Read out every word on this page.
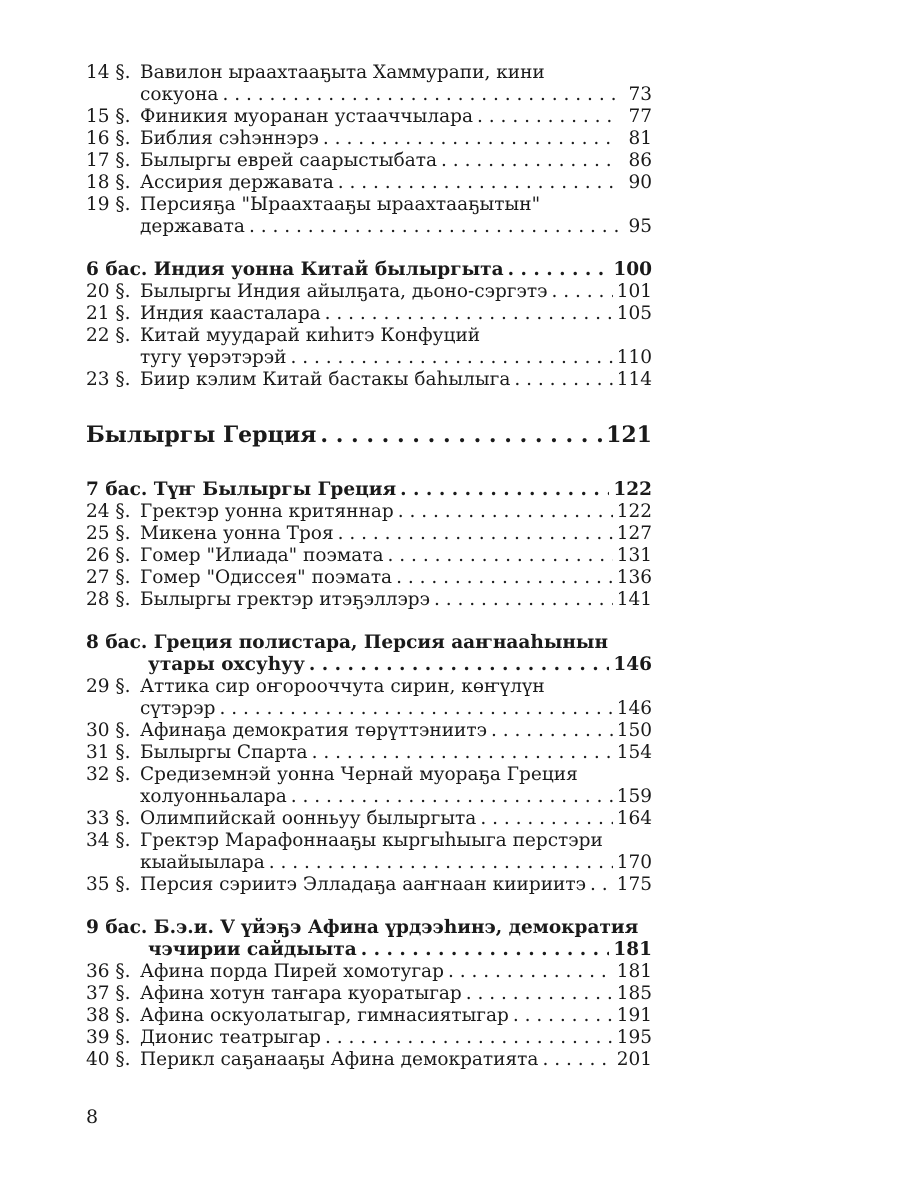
14 §. Вавилон ыраахтааҕыта Хаммурапи, кини
сокуона . . .	73
15 §. Финикия муоранан устааччылара . . .	77
16 §. Библия сэһэннэрэ . . .	81
17 §. Былыргы еврей саарыстыбата . . .	86
18 §. Ассирия державата . . .	90
19 §. Персияҕа "Ыраахтааҕы ыраахтааҕытын"
державата . . .	95
6 бас. Индия уонна Китай былыргыта . . .	100
20 §. Былыргы Индия айылҕата, дьоно-сэргэтэ . . .	101
21 §. Индия каасталара . . .	105
22 §. Китай муударай киһитэ Конфуций
тугу үөрэтэрэй . . .	110
23 §. Биир кэлим Китай бастакы баһылыга . . .	114
Былыргы Герция . . .	121
7 бас. Түҥ Былыргы Греция . . .	122
24 §. Гректэр уонна критяннар . . .	122
25 §. Микена уонна Троя . . .	127
26 §. Гомер "Илиада" поэмата . . .	131
27 §. Гомер "Одиссея" поэмата . . .	136
28 §. Былыргы гректэр итэҕэллэрэ . . .	141
8 бас. Греция полистара, Персия ааҥнааһынын
утары охсуһуу . . .	146
29 §. Аттика сир оҥорооччута сирин, көҥүлүн
сүтэрэр . . .	146
30 §. Афинаҕа демократия төрүттэниитэ . . .	150
31 §. Былыргы Спарта . . .	154
32 §. Средиземнэй уонна Чернай муораҕа Греция
холуонньалара . . .	159
33 §. Олимпийскай оонньуу былыргыта . . .	164
34 §. Гректэр Марафоннааҕы кыргыһыыга перстэри
кыайыылара . . .	170
35 §. Персия сэриитэ Элладаҕа ааҥнаан киириитэ . . . 175
9 бас. Б.э.и. V үйэҕэ Афина үрдээһинэ, демократия
чэчирии сайдыыта . . .	181
36 §. Афина порда Пирей хомотугар . . .	181
37 §. Афина хотун таҥара куоратыгар . . .	185
38 §. Афина оскуолатыгар, гимнасиятыгар . . .	191
39 §. Дионис театрыгар . . .	195
40 §. Перикл саҕанааҕы Афина демократията . . .	201
8
